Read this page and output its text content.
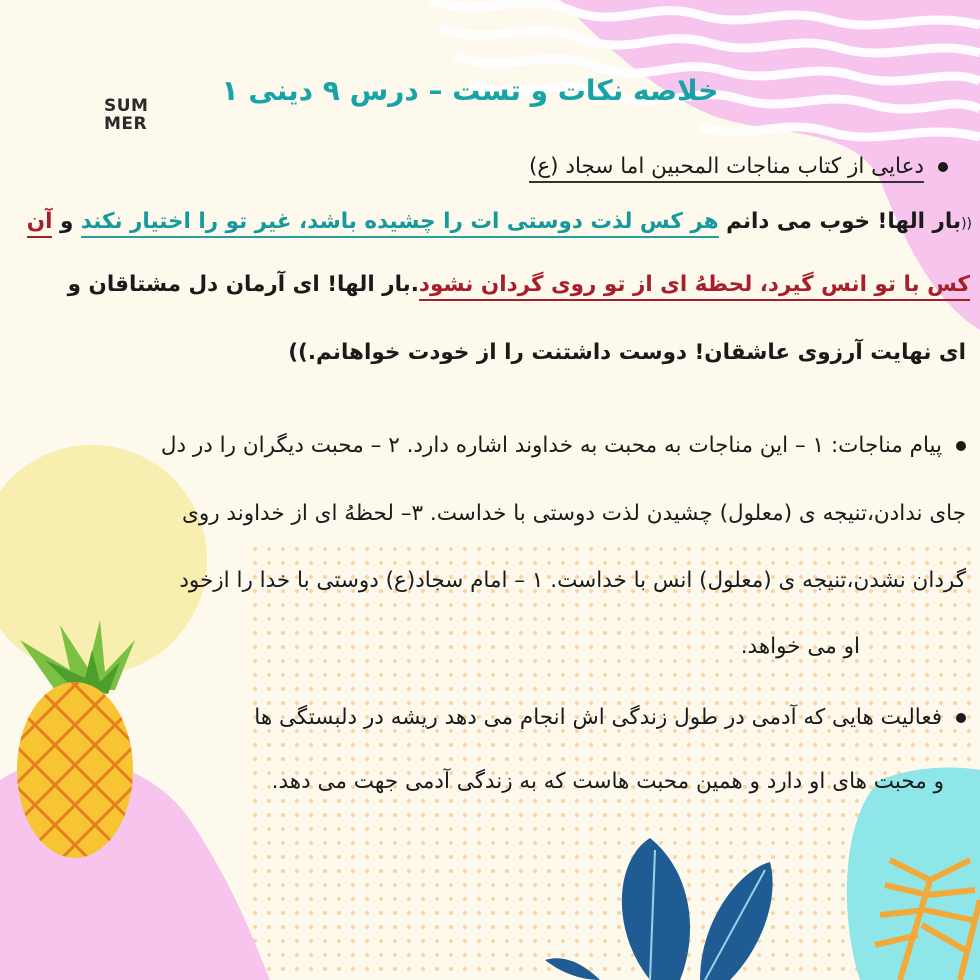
SUM
MER
خلاصه نکات و تست – درس ۹ دینی ۱
دعایی از کتاب مناجات المحبین اما سجاد (ع)
((بار الها! خوب می دانم هر کس لذت دوستی ات را چشیده باشد، غیر تو را اختیار نکند و آن
کس با تو انس گیرد، لحظهُ ای از تو روی گردان نشود.بار الها! ای آرمان دل مشتاقان و
ای نهایت آرزوی عاشقان! دوست داشتنت را از خودت خواهانم.))
پیام مناجات: ۱ – این مناجات به محبت به خداوند اشاره دارد. ۲ – محبت دیگران را در دل
جای ندادن،تنیجه ی (معلول) چشیدن لذت دوستی با خداست. ۳– لحظهُ ای از خداوند روی
گردان نشدن،تنیجه ی (معلول) انس با خداست. ۱ – امام سجاد(ع) دوستی با خدا را ازخود
او می خواهد.
فعالیت هایی که آدمی در طول زندگی اش انجام می دهد ریشه در دلبستگی ها
و محبت های او دارد و همین محبت هاست که به زندگی آدمی جهت می دهد.
